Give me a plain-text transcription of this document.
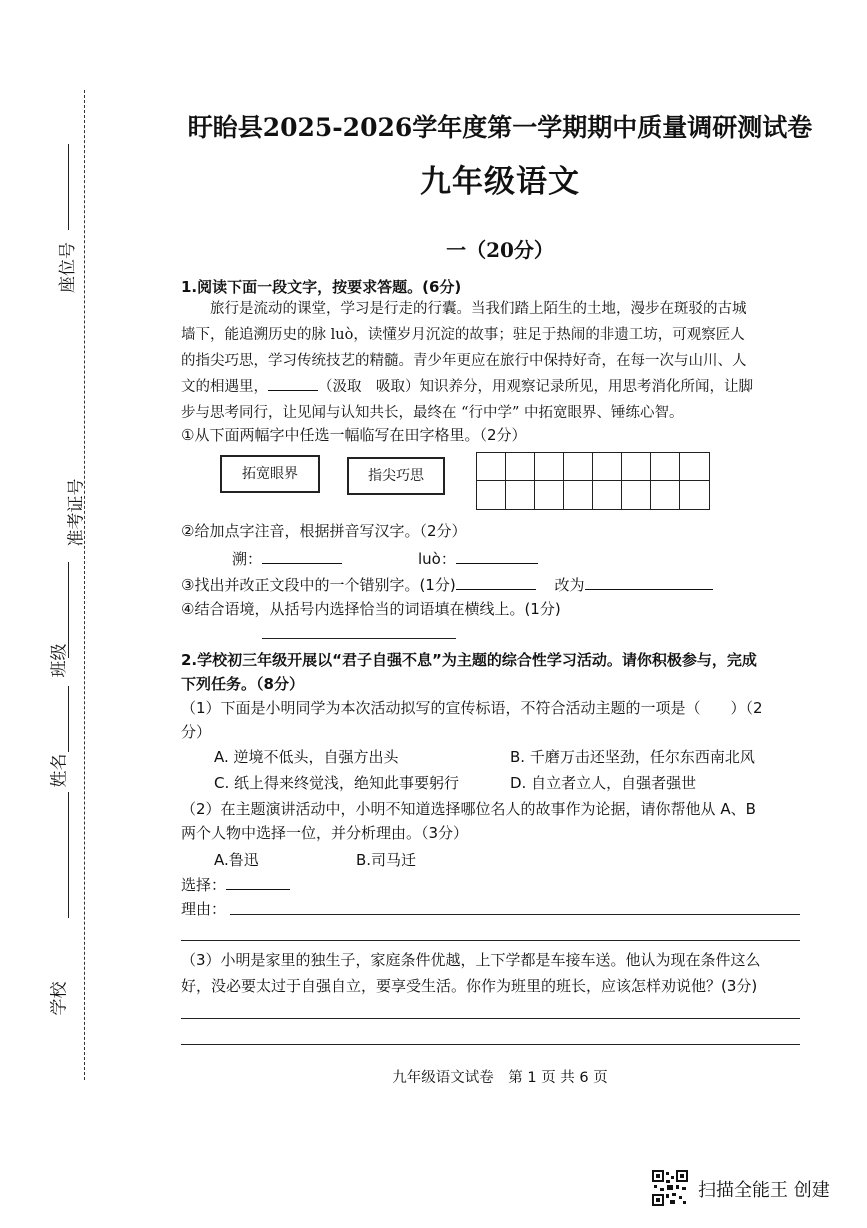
座位号
准考证号
班级
姓名
学校
盱眙县2025-2026学年度第一学期期中质量调研测试卷
九年级语文
一（20分）
1.阅读下面一段文字，按要求答题。(6分)
旅行是流动的课堂，学习是行走的行囊。当我们踏上陌生的土地，漫步在斑驳的古城
墙下，能追溯历史的脉 luò，读懂岁月沉淀的故事；驻足于热闹的非遗工坊，可观察匠人
的指尖巧思，学习传统技艺的精髓。青少年更应在旅行中保持好奇，在每一次与山川、人
文的相遇里，	（汲取　吸取）知识养分，用观察记录所见，用思考消化所闻，让脚
步与思考同行，让见闻与认知共长，最终在 “行中学” 中拓宽眼界、锤练心智。
①从下面两幅字中任选一幅临写在田字格里。（2分）
拓宽眼界	指尖巧思
②给加点字注音，根据拼音写汉字。（2分）
溯：	luò：
③找出并改正文段中的一个错别字。(1分)	改为
④结合语境，从括号内选择恰当的词语填在横线上。(1分)
2.学校初三年级开展以“君子自强不息”为主题的综合性学习活动。请你积极参与，完成
下列任务。（8分）
（1）下面是小明同学为本次活动拟写的宣传标语，不符合活动主题的一项是（　　）（2
分）
A. 逆境不低头，自强方出头	B. 千磨万击还坚劲，任尔东西南北风
C. 纸上得来终觉浅，绝知此事要躬行	D. 自立者立人，自强者强世
（2）在主题演讲活动中，小明不知道选择哪位名人的故事作为论据，请你帮他从 A、B
两个人物中选择一位，并分析理由。（3分）
A.鲁迅	B.司马迁
选择：
理由：
（3）小明是家里的独生子，家庭条件优越，上下学都是车接车送。他认为现在条件这么
好，没必要太过于自强自立，要享受生活。你作为班里的班长，应该怎样劝说他？(3分)
九年级语文试卷　第 1 页 共 6 页
扫描全能王 创建
